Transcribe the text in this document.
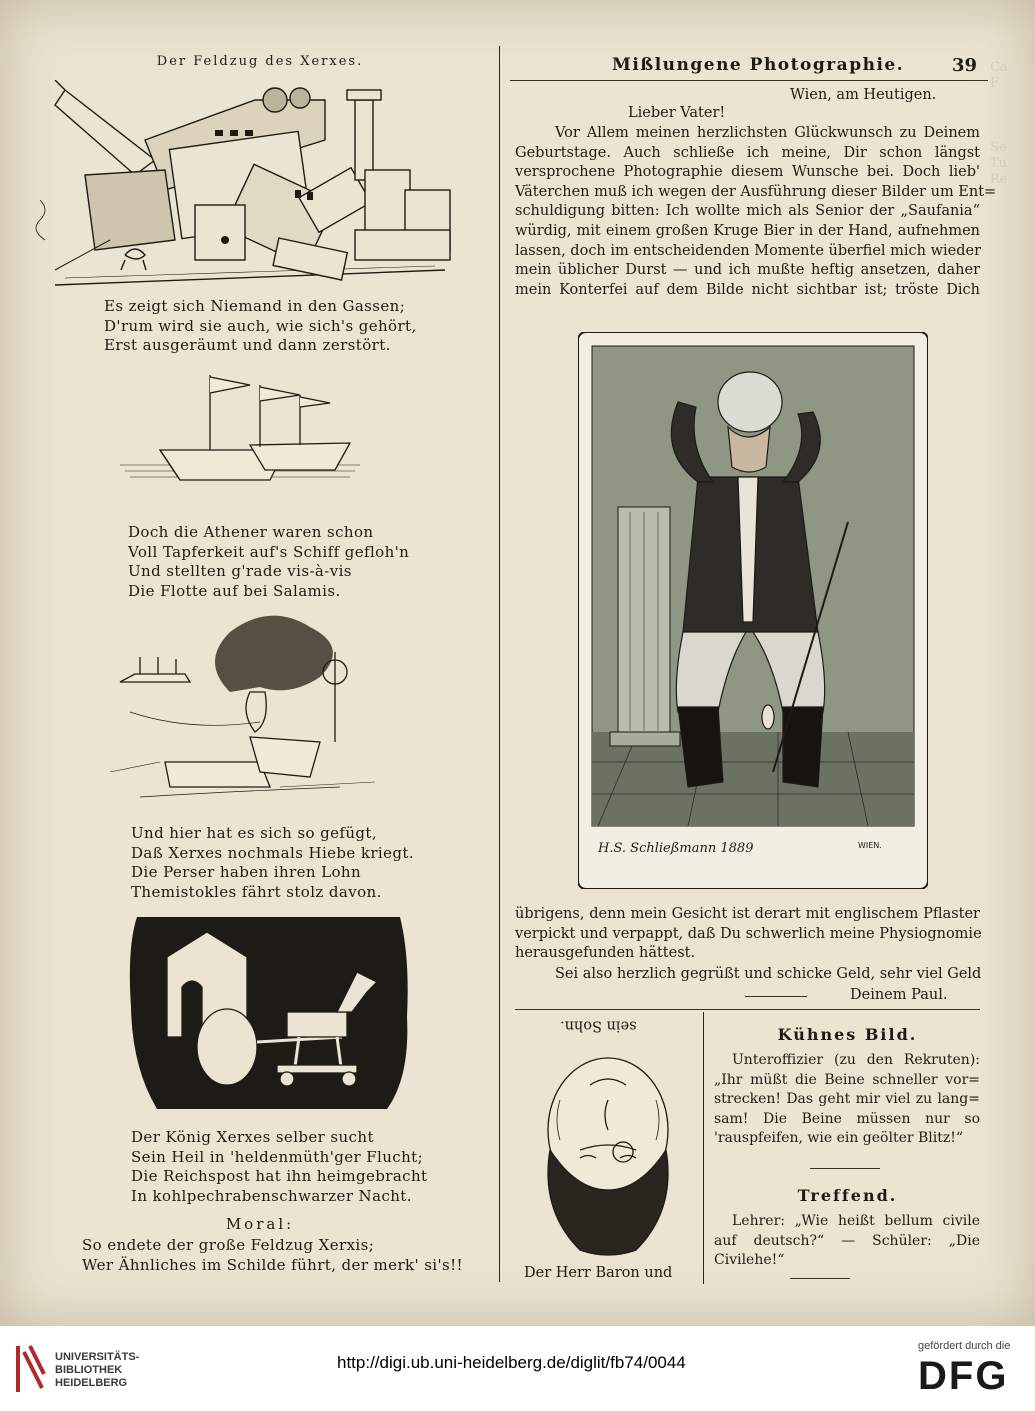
Ca
F

Se
Tu
Re
Der Feldzug des Xerxes.
Es zeigt sich Niemand in den Gassen;
D'rum wird sie auch, wie sich's gehört,
Erst ausgeräumt und dann zerstört.
Doch die Athener waren schon
Voll Tapferkeit auf's Schiff gefloh'n
Und stellten g'rade vis-à-vis
Die Flotte auf bei Salamis.
Und hier hat es sich so gefügt,
Daß Xerxes nochmals Hiebe kriegt.
Die Perser haben ihren Lohn
Themistokles fährt stolz davon.
Der König Xerxes selber sucht
Sein Heil in 'heldenmüth'ger Flucht;
Die Reichspost hat ihn heimgebracht
In kohlpechrabenschwarzer Nacht.
Moral:
So endete der große Feldzug Xerxis;
Wer Ähnliches im Schilde führt, der merk' si's!!
Mißlungene Photographie.	39
Wien, am Heutigen.
Lieber Vater!
Vor Allem meinen herzlichsten Glückwunsch zu Deinem
Geburtstage. Auch schließe ich meine, Dir schon längst
versprochene Photographie diesem Wunsche bei. Doch lieb'
Väterchen muß ich wegen der Ausführung dieser Bilder um Ent=
schuldigung bitten: Ich wollte mich als Senior der „Saufania“
würdig, mit einem großen Kruge Bier in der Hand, aufnehmen
lassen, doch im entscheidenden Momente überfiel mich wieder
mein üblicher Durst — und ich mußte heftig ansetzen, daher
mein Konterfei auf dem Bilde nicht sichtbar ist; tröste Dich
H.S. Schließmann 1889	WIEN.
übrigens, denn mein Gesicht ist derart mit englischem Pflaster
verpickt und verpappt, daß Du schwerlich meine Physiognomie
herausgefunden hättest.
Sei also herzlich gegrüßt und schicke Geld, sehr viel Geld
Deinem Paul.
sein Sohn.
Der Herr Baron und
Kühnes Bild.
Unteroffizier (zu den Rekruten):
„Ihr müßt die Beine schneller vor=
strecken! Das geht mir viel zu lang=
sam! Die Beine müssen nur so
'rauspfeifen, wie ein geölter Blitz!“
Treffend.
Lehrer: „Wie heißt bellum civile
auf deutsch?“ — Schüler: „Die
Civilehe!“
UNIVERSITÄTS-
BIBLIOTHEK
HEIDELBERG
http://digi.ub.uni-heidelberg.de/diglit/fb74/0044
gefördert durch die
DFG
